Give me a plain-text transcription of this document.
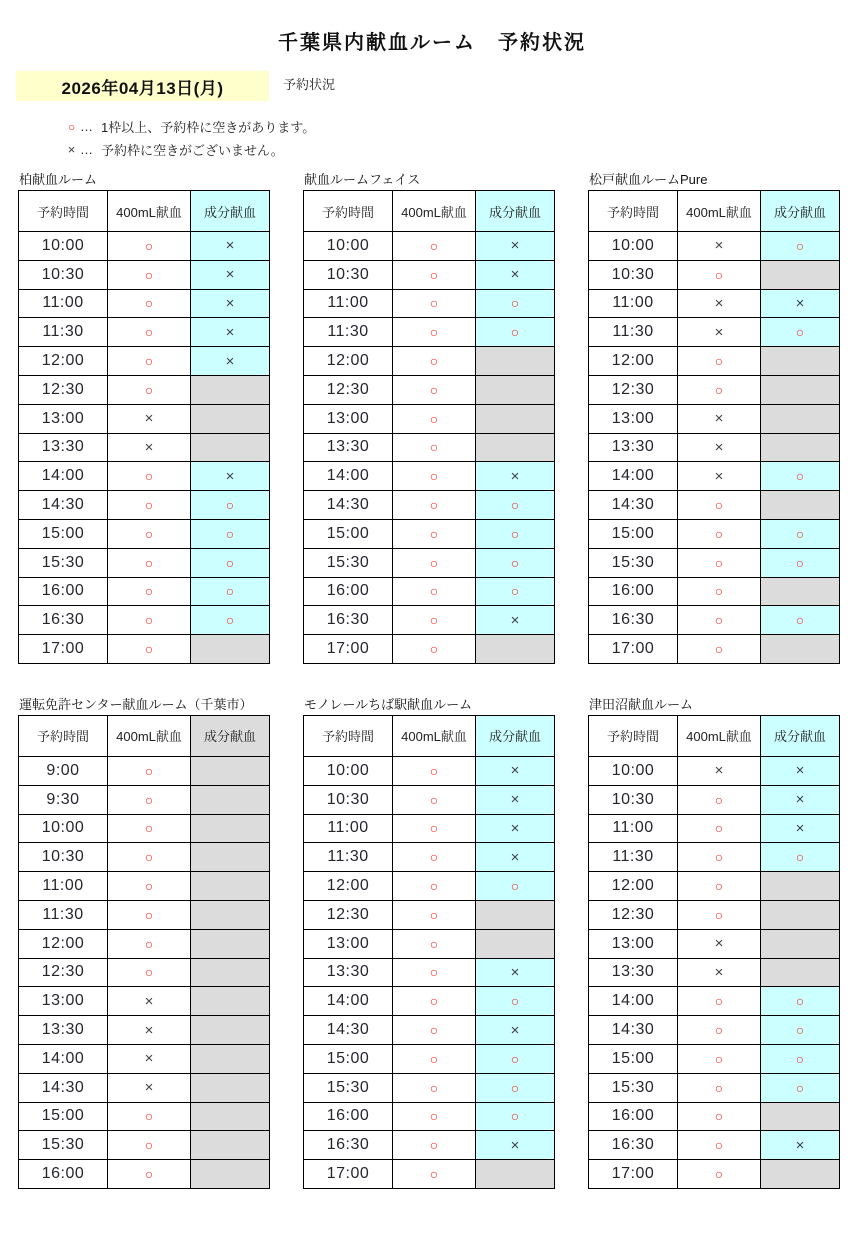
千葉県内献血ルーム　予約状況
2026年04月13日(月)	予約状況
○ … 1枠以上、予約枠に空きがあります。
× … 予約枠に空きがございません。
柏献血ルーム
予約時間	400mL献血	成分献血
10:00	○	×
10:30	○	×
11:00	○	×
11:30	○	×
12:00	○	×
12:30	○	
13:00	×	
13:30	×	
14:00	○	×
14:30	○	○
15:00	○	○
15:30	○	○
16:00	○	○
16:30	○	○
17:00	○	
献血ルームフェイス
予約時間	400mL献血	成分献血
10:00	○	×
10:30	○	×
11:00	○	○
11:30	○	○
12:00	○	
12:30	○	
13:00	○	
13:30	○	
14:00	○	×
14:30	○	○
15:00	○	○
15:30	○	○
16:00	○	○
16:30	○	×
17:00	○	
松戸献血ルームPure
予約時間	400mL献血	成分献血
10:00	×	○
10:30	○	
11:00	×	×
11:30	×	○
12:00	○	
12:30	○	
13:00	×	
13:30	×	
14:00	×	○
14:30	○	
15:00	○	○
15:30	○	○
16:00	○	
16:30	○	○
17:00	○	
運転免許センター献血ルーム（千葉市）
予約時間	400mL献血	成分献血
9:00	○	
9:30	○	
10:00	○	
10:30	○	
11:00	○	
11:30	○	
12:00	○	
12:30	○	
13:00	×	
13:30	×	
14:00	×	
14:30	×	
15:00	○	
15:30	○	
16:00	○	
モノレールちば駅献血ルーム
予約時間	400mL献血	成分献血
10:00	○	×
10:30	○	×
11:00	○	×
11:30	○	×
12:00	○	○
12:30	○	
13:00	○	
13:30	○	×
14:00	○	○
14:30	○	×
15:00	○	○
15:30	○	○
16:00	○	○
16:30	○	×
17:00	○	
津田沼献血ルーム
予約時間	400mL献血	成分献血
10:00	×	×
10:30	○	×
11:00	○	×
11:30	○	○
12:00	○	
12:30	○	
13:00	×	
13:30	×	
14:00	○	○
14:30	○	○
15:00	○	○
15:30	○	○
16:00	○	
16:30	○	×
17:00	○	
